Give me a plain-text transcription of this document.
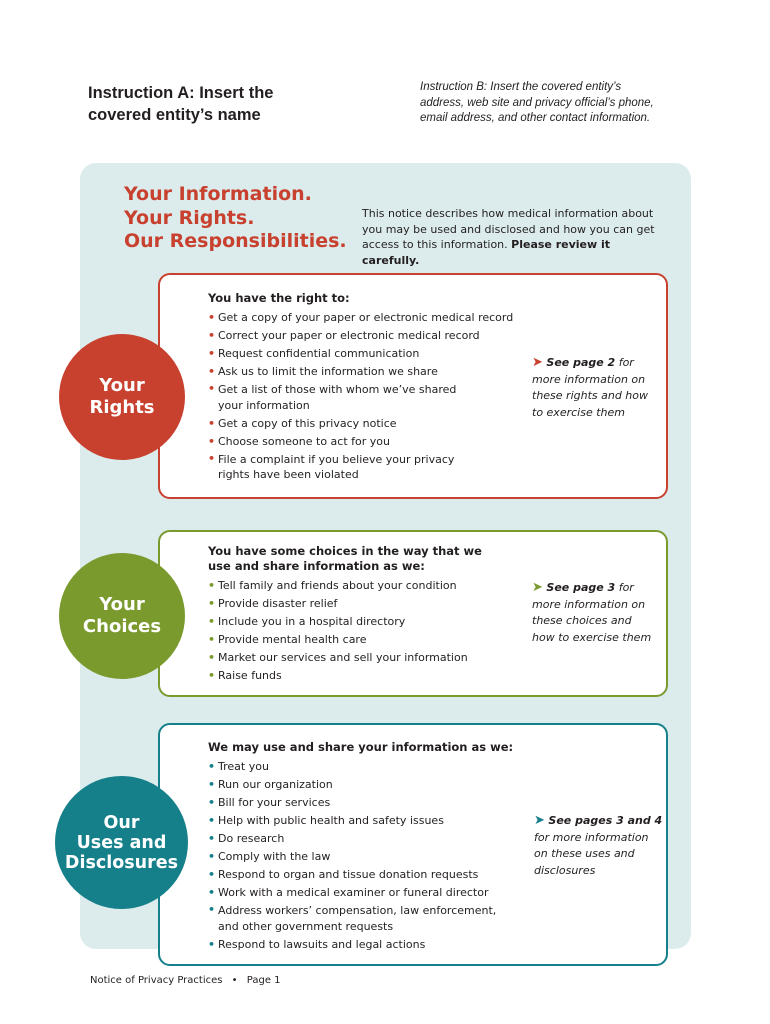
Instruction A: Insert the
covered entity’s name
Instruction B: Insert the covered entity’s
address, web site and privacy official’s phone,
email address, and other contact information.
Your Information.
Your Rights.
Our Responsibilities.
This notice describes how medical information about
you may be used and disclosed and how you can get
access to this information. Please review it carefully.
Your
Rights
You have the right to:
• Get a copy of your paper or electronic medical record
• Correct your paper or electronic medical record
• Request confidential communication
• Ask us to limit the information we share
• Get a list of those with whom we’ve shared
your information
• Get a copy of this privacy notice
• Choose someone to act for you
• File a complaint if you believe your privacy
rights have been violated
➤ See page 2 for
more information on
these rights and how
to exercise them
Your
Choices
You have some choices in the way that we
use and share information as we:
• Tell family and friends about your condition
• Provide disaster relief
• Include you in a hospital directory
• Provide mental health care
• Market our services and sell your information
• Raise funds
➤ See page 3 for
more information on
these choices and
how to exercise them
Our
Uses and
Disclosures
We may use and share your information as we:
• Treat you
• Run our organization
• Bill for your services
• Help with public health and safety issues
• Do research
• Comply with the law
• Respond to organ and tissue donation requests
• Work with a medical examiner or funeral director
• Address workers’ compensation, law enforcement,
and other government requests
• Respond to lawsuits and legal actions
➤ See pages 3 and 4
for more information
on these uses and
disclosures
Notice of Privacy Practices • Page 1
